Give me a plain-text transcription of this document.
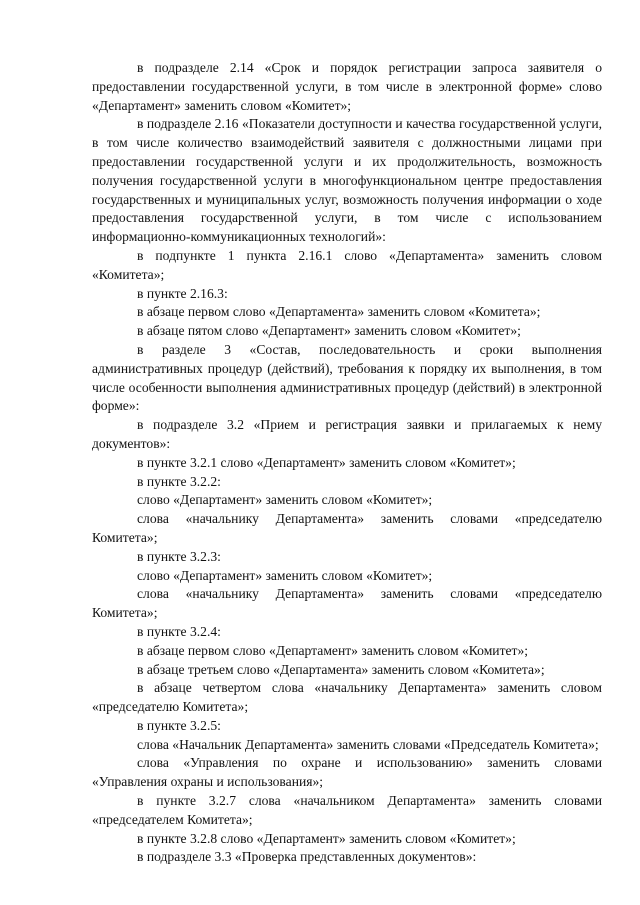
в подразделе 2.14 «Срок и порядок регистрации запроса заявителя о предоставлении государственной услуги, в том числе в электронной форме» слово «Департамент» заменить словом «Комитет»;

в подразделе 2.16 «Показатели доступности и качества государственной услуги, в том числе количество взаимодействий заявителя с должностными лицами при предоставлении государственной услуги и их продолжительность, возможность получения государственной услуги в многофункциональном центре предоставления государственных и муниципальных услуг, возможность получения информации о ходе предоставления государственной услуги, в том числе с использованием информационно-коммуникационных технологий»:

в подпункте 1 пункта 2.16.1 слово «Департамента» заменить словом «Комитета»;

в пункте 2.16.3:

в абзаце первом слово «Департамента» заменить словом «Комитета»;

в абзаце пятом слово «Департамент» заменить словом «Комитет»;

в разделе 3 «Состав, последовательность и сроки выполнения административных процедур (действий), требования к порядку их выполнения, в том числе особенности выполнения административных процедур (действий) в электронной форме»:

в подразделе 3.2 «Прием и регистрация заявки и прилагаемых к нему документов»:

в пункте 3.2.1 слово «Департамент» заменить словом «Комитет»;

в пункте 3.2.2:

слово «Департамент» заменить словом «Комитет»;

слова «начальнику Департамента» заменить словами «председателю Комитета»;

в пункте 3.2.3:

слово «Департамент» заменить словом «Комитет»;

слова «начальнику Департамента» заменить словами «председателю Комитета»;

в пункте 3.2.4:

в абзаце первом слово «Департамент» заменить словом «Комитет»;

в абзаце третьем слово «Департамента» заменить словом «Комитета»;

в абзаце четвертом слова «начальнику Департамента» заменить словом «председателю Комитета»;

в пункте 3.2.5:

слова «Начальник Департамента» заменить словами «Председатель Комитета»;

слова «Управления по охране и использованию» заменить словами «Управления охраны и использования»;

в пункте 3.2.7 слова «начальником Департамента» заменить словами «председателем Комитета»;

в пункте 3.2.8 слово «Департамент» заменить словом «Комитет»;

в подразделе 3.3 «Проверка представленных документов»:
